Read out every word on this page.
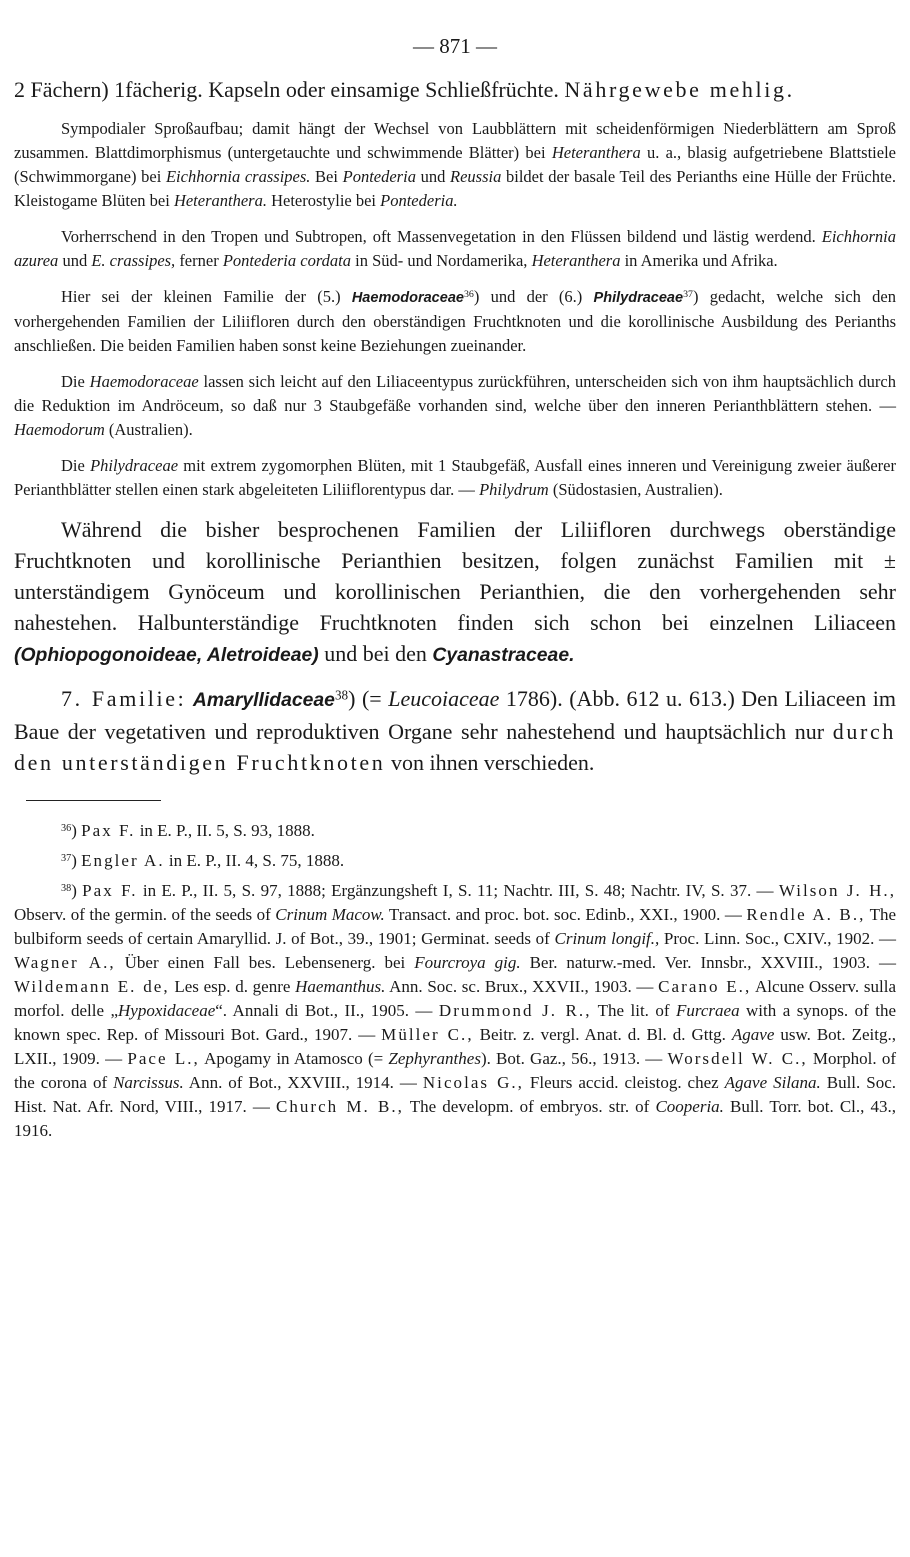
— 871 —

2 Fächern) 1fächerig. Kapseln oder einsamige Schließfrüchte. Nährgewebe mehlig.

Sympodialer Sproßaufbau; damit hängt der Wechsel von Laubblättern mit scheidenförmigen Niederblättern am Sproß zusammen. Blattdimorphismus (untergetauchte und schwimmende Blätter) bei Heteranthera u. a., blasig aufgetriebene Blattstiele (Schwimmorgane) bei Eichhornia crassipes. Bei Pontederia und Reussia bildet der basale Teil des Perianths eine Hülle der Früchte. Kleistogame Blüten bei Heteranthera. Heterostylie bei Pontederia.

Vorherrschend in den Tropen und Subtropen, oft Massenvegetation in den Flüssen bildend und lästig werdend. Eichhornia azurea und E. crassipes, ferner Pontederia cordata in Süd- und Nordamerika, Heteranthera in Amerika und Afrika.

Hier sei der kleinen Familie der (5.) Haemodoraceae$^{36}$) und der (6.) Philydraceae$^{37}$) gedacht, welche sich den vorhergehenden Familien der Liliifloren durch den oberständigen Fruchtknoten und die korollinische Ausbildung des Perianths anschließen. Die beiden Familien haben sonst keine Beziehungen zueinander.

Die Haemodoraceae lassen sich leicht auf den Liliaceentypus zurückführen, unterscheiden sich von ihm hauptsächlich durch die Reduktion im Andröceum, so daß nur 3 Staubgefäße vorhanden sind, welche über den inneren Perianthblättern stehen. — Haemodorum (Australien).

Die Philydraceae mit extrem zygomorphen Blüten, mit 1 Staubgefäß, Ausfall eines inneren und Vereinigung zweier äußerer Perianthblätter stellen einen stark abgeleiteten Liliiflorentypus dar. — Philydrum (Südostasien, Australien).

Während die bisher besprochenen Familien der Liliifloren durchwegs oberständige Fruchtknoten und korollinische Perianthien besitzen, folgen zunächst Familien mit ± unterständigem Gynöceum und korollinischen Perianthien, die den vorhergehenden sehr nahestehen. Halbunterständige Fruchtknoten finden sich schon bei einzelnen Liliaceen (Ophiopogonoideae, Aletroideae) und bei den Cyanastraceae.

7. Familie: Amaryllidaceae$^{38}$) (= Leucoiaceae 1786). (Abb. 612 u. 613.) Den Liliaceen im Baue der vegetativen und reproduktiven Organe sehr nahestehend und hauptsächlich nur durch den unterständigen Fruchtknoten von ihnen verschieden.

$^{36}$) Pax F. in E. P., II. 5, S. 93, 1888.

$^{37}$) Engler A. in E. P., II. 4, S. 75, 1888.

$^{38}$) Pax F. in E. P., II. 5, S. 97, 1888; Ergänzungsheft I, S. 11; Nachtr. III, S. 48; Nachtr. IV, S. 37. — Wilson J. H., Observ. of the germin. of the seeds of Crinum Macow. Transact. and proc. bot. soc. Edinb., XXI., 1900. — Rendle A. B., The bulbiform seeds of certain Amaryllid. J. of Bot., 39., 1901; Germinat. seeds of Crinum longif., Proc. Linn. Soc., CXIV., 1902. — Wagner A., Über einen Fall bes. Lebensenerg. bei Fourcroya gig. Ber. naturw.-med. Ver. Innsbr., XXVIII., 1903. — Wildemann E. de, Les esp. d. genre Haemanthus. Ann. Soc. sc. Brux., XXVII., 1903. — Carano E., Alcune Osserv. sulla morfol. delle „Hypoxidaceae“. Annali di Bot., II., 1905. — Drummond J. R., The lit. of Furcraea with a synops. of the known spec. Rep. of Missouri Bot. Gard., 1907. — Müller C., Beitr. z. vergl. Anat. d. Bl. d. Gttg. Agave usw. Bot. Zeitg., LXII., 1909. — Pace L., Apogamy in Atamosco (= Zephyranthes). Bot. Gaz., 56., 1913. — Worsdell W. C., Morphol. of the corona of Narcissus. Ann. of Bot., XXVIII., 1914. — Nicolas G., Fleurs accid. cleistog. chez Agave Silana. Bull. Soc. Hist. Nat. Afr. Nord, VIII., 1917. — Church M. B., The developm. of embryos. str. of Cooperia. Bull. Torr. bot. Cl., 43., 1916.
